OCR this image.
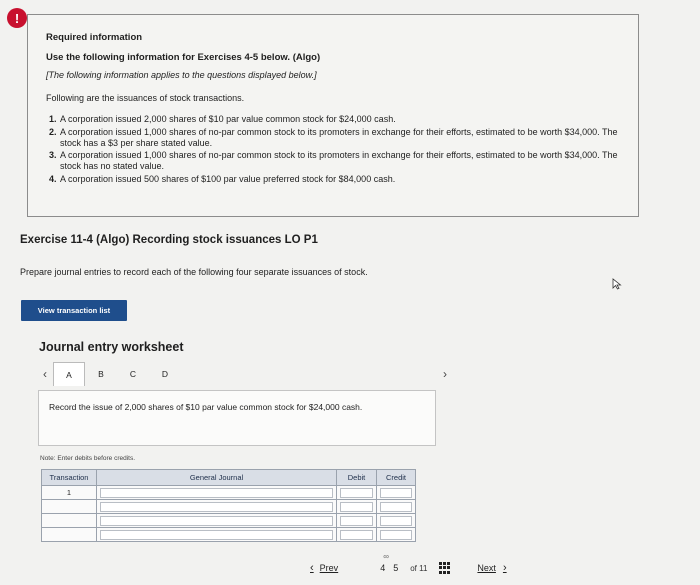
!
Required information
Use the following information for Exercises 4-5 below. (Algo)
[The following information applies to the questions displayed below.]
Following are the issuances of stock transactions.
1. A corporation issued 2,000 shares of $10 par value common stock for $24,000 cash.
2. A corporation issued 1,000 shares of no-par common stock to its promoters in exchange for their efforts, estimated to be worth $34,000. The stock has a $3 per share stated value.
3. A corporation issued 1,000 shares of no-par common stock to its promoters in exchange for their efforts, estimated to be worth $34,000. The stock has no stated value.
4. A corporation issued 500 shares of $100 par value preferred stock for $84,000 cash.
Exercise 11-4 (Algo) Recording stock issuances LO P1
Prepare journal entries to record each of the following four separate issuances of stock.
View transaction list
Journal entry worksheet
‹	A	B	C	D	›
Record the issue of 2,000 shares of $10 par value common stock for $24,000 cash.
Note: Enter debits before credits.
Transaction	General Journal	Debit	Credit
1	

‹ Prev
∞
4 5 of 11	Next ›
